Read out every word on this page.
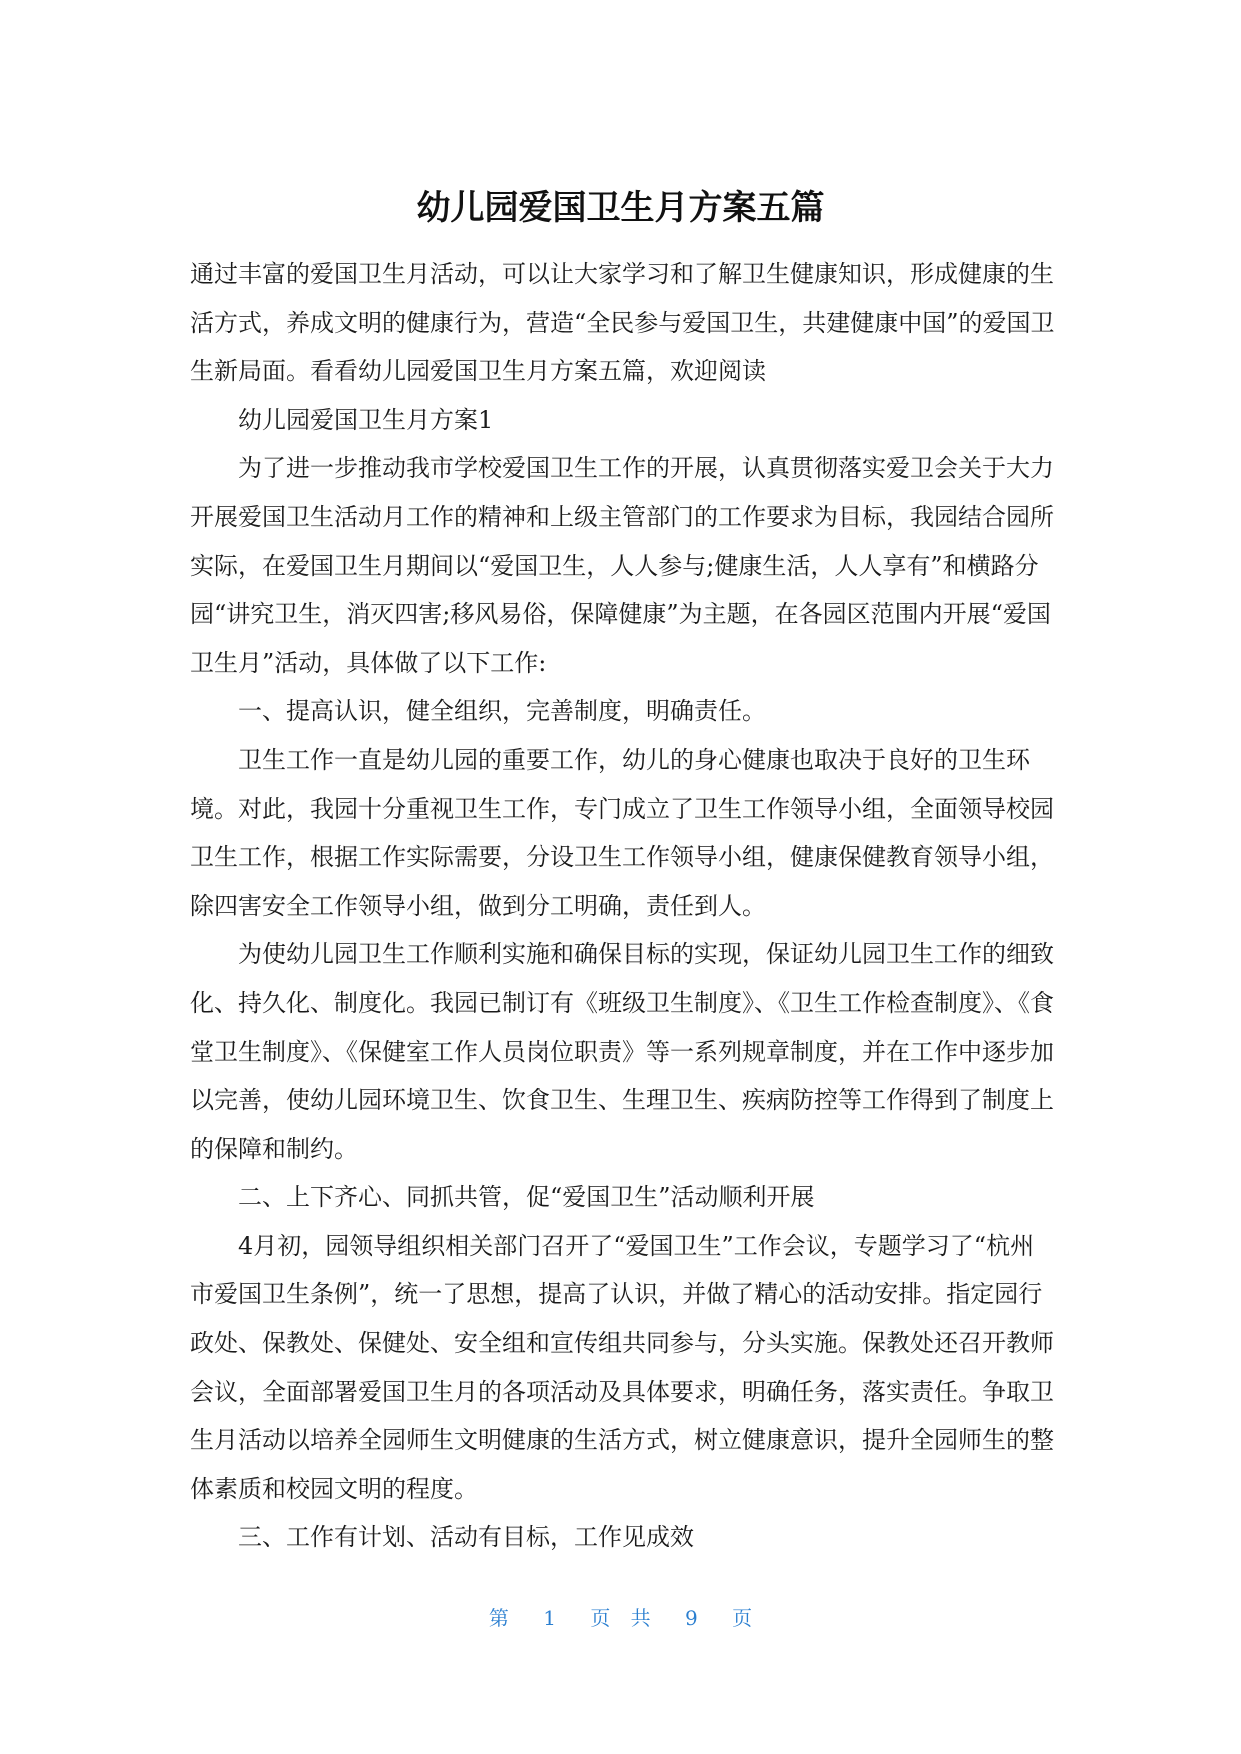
幼儿园爱国卫生月方案五篇

通过丰富的爱国卫生月活动，可以让大家学习和了解卫生健康知识，形成健康的生活方式，养成文明的健康行为，营造“全民参与爱国卫生，共建健康中国”的爱国卫生新局面。看看幼儿园爱国卫生月方案五篇，欢迎阅读

幼儿园爱国卫生月方案1

为了进一步推动我市学校爱国卫生工作的开展，认真贯彻落实爱卫会关于大力开展爱国卫生活动月工作的精神和上级主管部门的工作要求为目标，我园结合园所实际，在爱国卫生月期间以“爱国卫生，人人参与;健康生活，人人享有”和横路分园“讲究卫生，消灭四害;移风易俗，保障健康”为主题，在各园区范围内开展“爱国卫生月”活动，具体做了以下工作:

一、提高认识，健全组织，完善制度，明确责任。

卫生工作一直是幼儿园的重要工作，幼儿的身心健康也取决于良好的卫生环境。对此，我园十分重视卫生工作，专门成立了卫生工作领导小组，全面领导校园卫生工作，根据工作实际需要，分设卫生工作领导小组，健康保健教育领导小组，除四害安全工作领导小组，做到分工明确，责任到人。

为使幼儿园卫生工作顺利实施和确保目标的实现，保证幼儿园卫生工作的细致化、持久化、制度化。我园已制订有《班级卫生制度》、《卫生工作检查制度》、《食堂卫生制度》、《保健室工作人员岗位职责》等一系列规章制度，并在工作中逐步加以完善，使幼儿园环境卫生、饮食卫生、生理卫生、疾病防控等工作得到了制度上的保障和制约。

二、上下齐心、同抓共管，促“爱国卫生”活动顺利开展

4月初，园领导组织相关部门召开了“爱国卫生”工作会议，专题学习了“杭州市爱国卫生条例”，统一了思想，提高了认识，并做了精心的活动安排。指定园行政处、保教处、保健处、安全组和宣传组共同参与，分头实施。保教处还召开教师会议，全面部署爱国卫生月的各项活动及具体要求，明确任务，落实责任。争取卫生月活动以培养全园师生文明健康的生活方式，树立健康意识，提升全园师生的整体素质和校园文明的程度。

三、工作有计划、活动有目标，工作见成效

第 1 页 共 9 页
